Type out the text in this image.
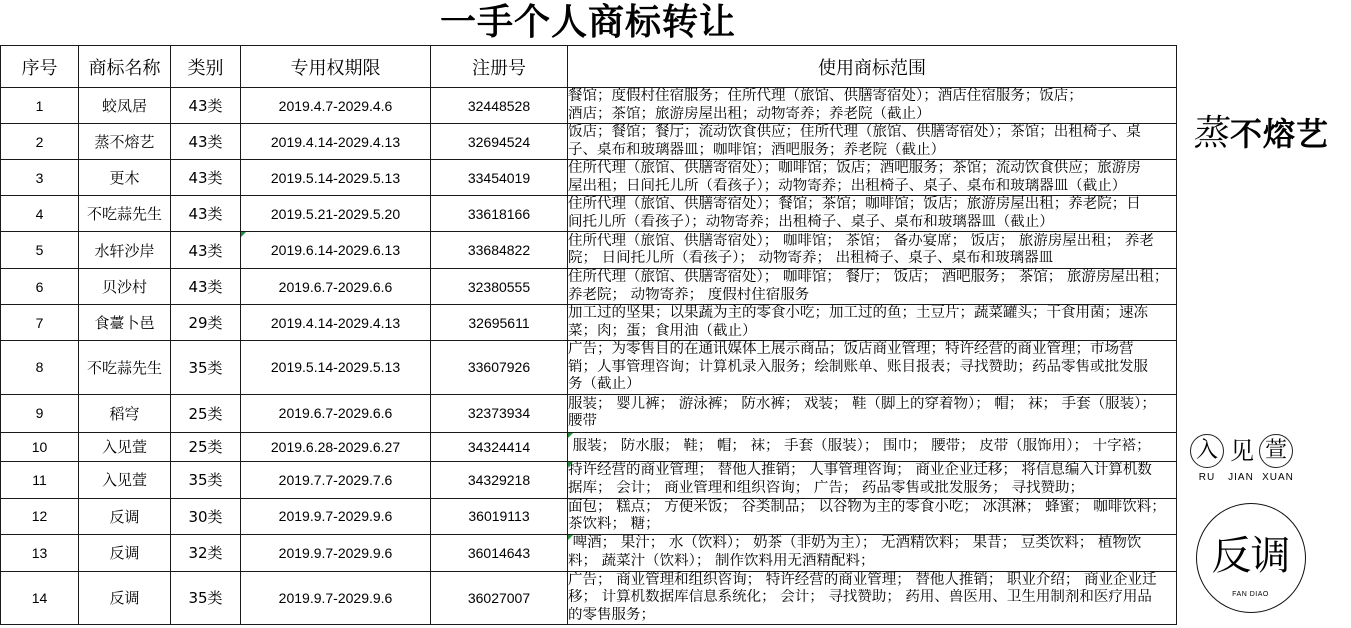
一手个人商标转让
序号	商标名称	类别	专用权期限	注册号	使用商标范围
1	蛟凤居	43类	2019.4.7-2029.4.6	32448528	餐馆；度假村住宿服务；住所代理（旅馆、供膳寄宿处）；酒店住宿服务；饭店；
酒店；茶馆；旅游房屋出租；动物寄养；养老院（截止）

2	蒸不熔艺	43类	2019.4.14-2029.4.13	32694524	饭店；餐馆；餐厅；流动饮食供应；住所代理（旅馆、供膳寄宿处）；茶馆；出租椅子、桌
子、桌布和玻璃器皿；咖啡馆；酒吧服务；养老院（截止）

3	更木	43类	2019.5.14-2029.5.13	33454019	住所代理（旅馆、供膳寄宿处）；咖啡馆；饭店；酒吧服务；茶馆；流动饮食供应；旅游房
屋出租；日间托儿所（看孩子）；动物寄养；出租椅子、桌子、桌布和玻璃器皿（截止）

4	不吃蒜先生	43类	2019.5.21-2029.5.20	33618166	住所代理（旅馆、供膳寄宿处）；餐馆；茶馆；咖啡馆；饭店；旅游房屋出租；养老院；日
间托儿所（看孩子）；动物寄养；出租椅子、桌子、桌布和玻璃器皿（截止）

5	水轩沙岸	43类	2019.6.14-2029.6.13	33684822	住所代理（旅馆、供膳寄宿处）； 咖啡馆； 茶馆； 备办宴席； 饭店； 旅游房屋出租； 养老
院； 日间托儿所（看孩子）； 动物寄养； 出租椅子、桌子、桌布和玻璃器皿

6	贝沙村	43类	2019.6.7-2029.6.6	32380555	住所代理（旅馆、供膳寄宿处）； 咖啡馆； 餐厅； 饭店； 酒吧服务； 茶馆； 旅游房屋出租；
养老院； 动物寄养； 度假村住宿服务

7	食薹卜邑	29类	2019.4.14-2029.4.13	32695611	加工过的坚果；以果蔬为主的零食小吃；加工过的鱼；土豆片；蔬菜罐头；干食用菌；速冻
菜；肉；蛋；食用油（截止）

8	不吃蒜先生	35类	2019.5.14-2029.5.13	33607926	广告；为零售目的在通讯媒体上展示商品；饭店商业管理；特许经营的商业管理；市场营
销；人事管理咨询；计算机录入服务；绘制账单、账目报表；寻找赞助；药品零售或批发服
务（截止）

9	稻穹	25类	2019.6.7-2029.6.6	32373934	服装； 婴儿裤； 游泳裤； 防水裤； 戏装； 鞋（脚上的穿着物）； 帽； 袜； 手套（服装）；
腰带

10	入见萱	25类	2019.6.28-2029.6.27	34324414	服装； 防水服； 鞋； 帽； 袜； 手套（服装）； 围巾； 腰带； 皮带（服饰用）； 十字褡；

11	入见萱	35类	2019.7.7-2029.7.6	34329218	特许经营的商业管理； 替他人推销； 人事管理咨询； 商业企业迁移； 将信息编入计算机数
据库； 会计； 商业管理和组织咨询； 广告； 药品零售或批发服务； 寻找赞助；

12	反调	30类	2019.9.7-2029.9.6	36019113	面包； 糕点； 方便米饭； 谷类制品； 以谷物为主的零食小吃； 冰淇淋； 蜂蜜； 咖啡饮料；
茶饮料； 糖；

13	反调	32类	2019.9.7-2029.9.6	36014643	啤酒； 果汁； 水（饮料）； 奶茶（非奶为主）； 无酒精饮料； 果昔； 豆类饮料； 植物饮
料； 蔬菜汁（饮料）； 制作饮料用无酒精配料；

14	反调	35类	2019.9.7-2029.9.6	36027007	广告； 商业管理和组织咨询； 特许经营的商业管理； 替他人推销； 职业介绍； 商业企业迁
移； 计算机数据库信息系统化； 会计； 寻找赞助； 药用、兽医用、卫生用制剂和医疗用品
的零售服务；
蒸不熔艺
入 见 萱
RU	JIAN XUAN
反调
FAN DIAO
